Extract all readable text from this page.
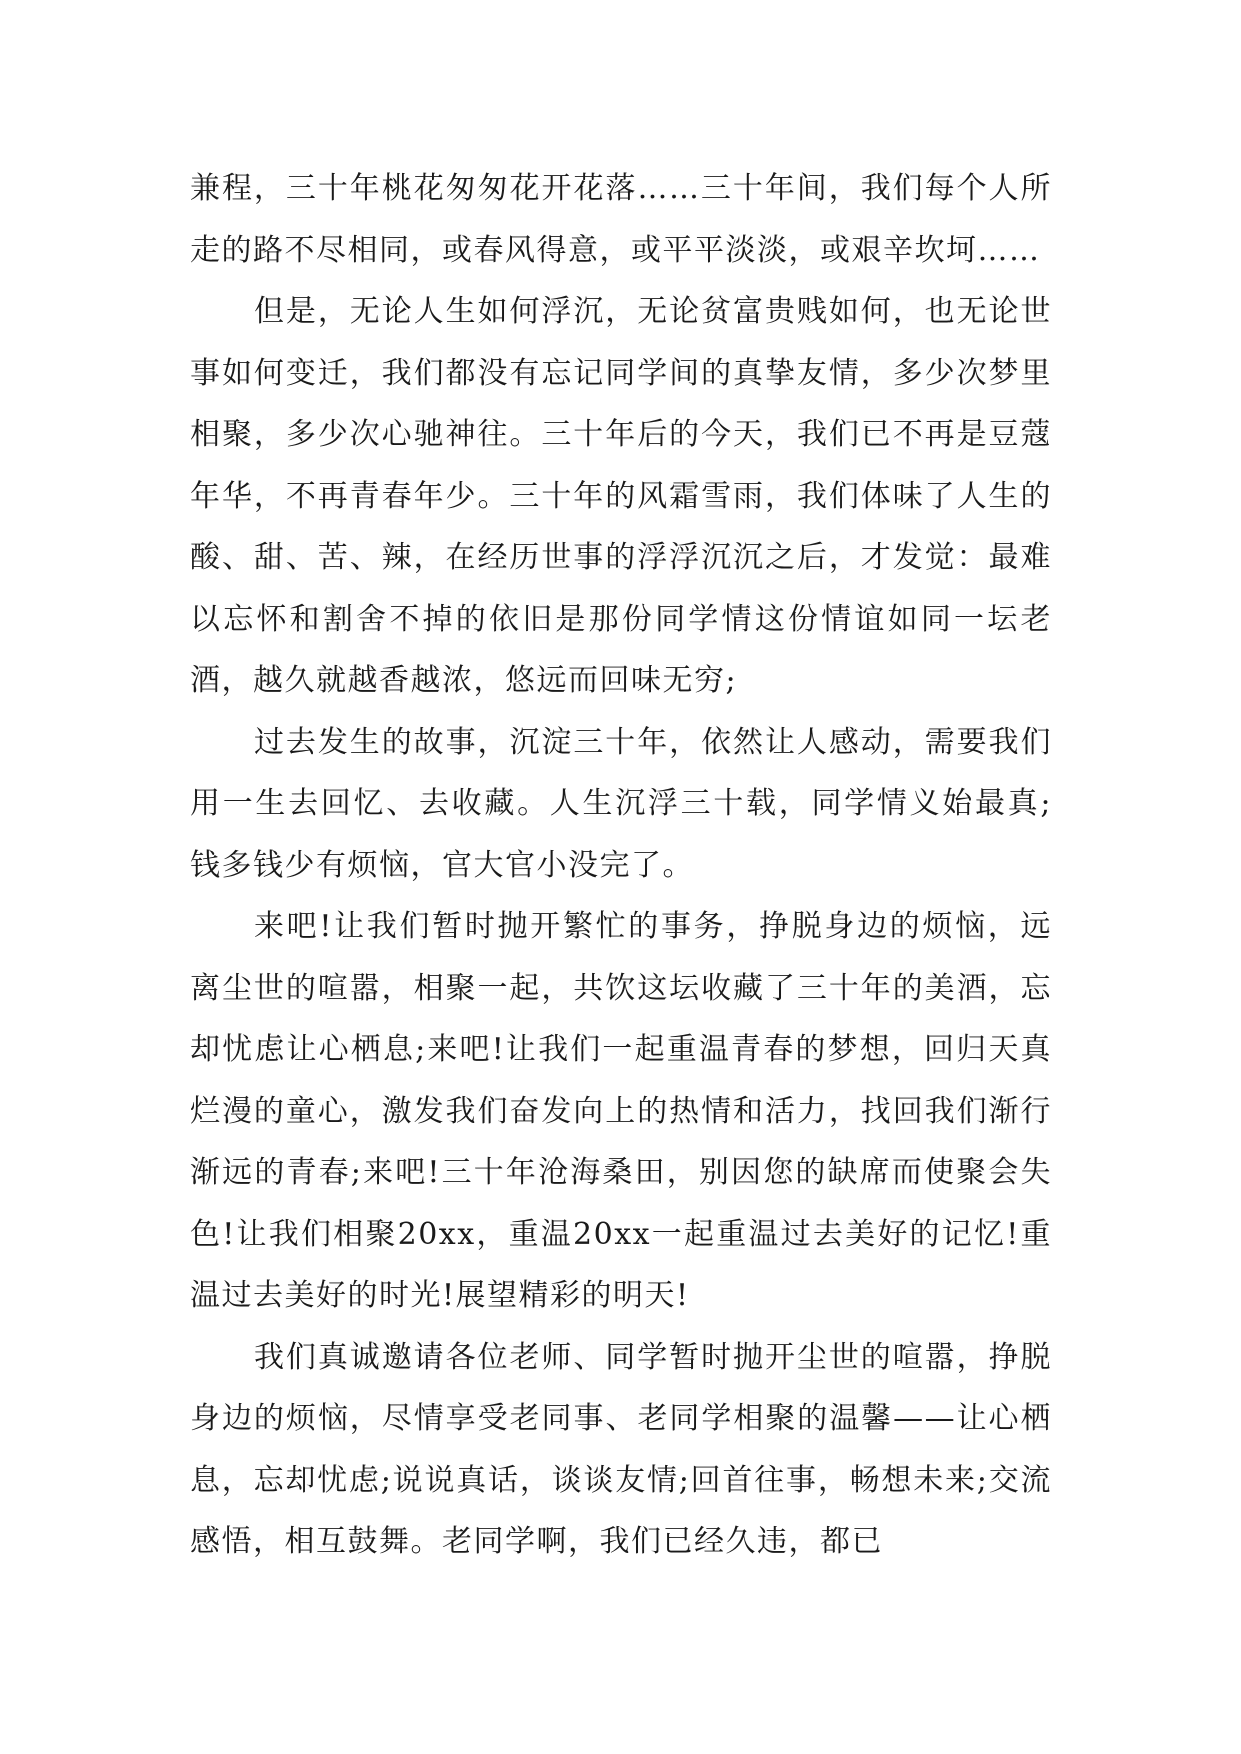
兼程，三十年桃花匆匆花开花落……三十年间，我们每个人所走的路不尽相同，或春风得意，或平平淡淡，或艰辛坎坷……

但是，无论人生如何浮沉，无论贫富贵贱如何，也无论世事如何变迁，我们都没有忘记同学间的真挚友情，多少次梦里相聚，多少次心驰神往。三十年后的今天，我们已不再是豆蔻年华，不再青春年少。三十年的风霜雪雨，我们体味了人生的酸、甜、苦、辣，在经历世事的浮浮沉沉之后，才发觉：最难以忘怀和割舍不掉的依旧是那份同学情这份情谊如同一坛老酒，越久就越香越浓，悠远而回味无穷;

过去发生的故事，沉淀三十年，依然让人感动，需要我们用一生去回忆、去收藏。人生沉浮三十载，同学情义始最真;钱多钱少有烦恼，官大官小没完了。

来吧!让我们暂时抛开繁忙的事务，挣脱身边的烦恼，远离尘世的喧嚣，相聚一起，共饮这坛收藏了三十年的美酒，忘却忧虑让心栖息;来吧!让我们一起重温青春的梦想，回归天真烂漫的童心，激发我们奋发向上的热情和活力，找回我们渐行渐远的青春;来吧!三十年沧海桑田，别因您的缺席而使聚会失色!让我们相聚20xx，重温20xx一起重温过去美好的记忆!重温过去美好的时光!展望精彩的明天!

我们真诚邀请各位老师、同学暂时抛开尘世的喧嚣，挣脱身边的烦恼，尽情享受老同事、老同学相聚的温馨——让心栖息，忘却忧虑;说说真话，谈谈友情;回首往事，畅想未来;交流感悟，相互鼓舞。老同学啊，我们已经久违，都已
